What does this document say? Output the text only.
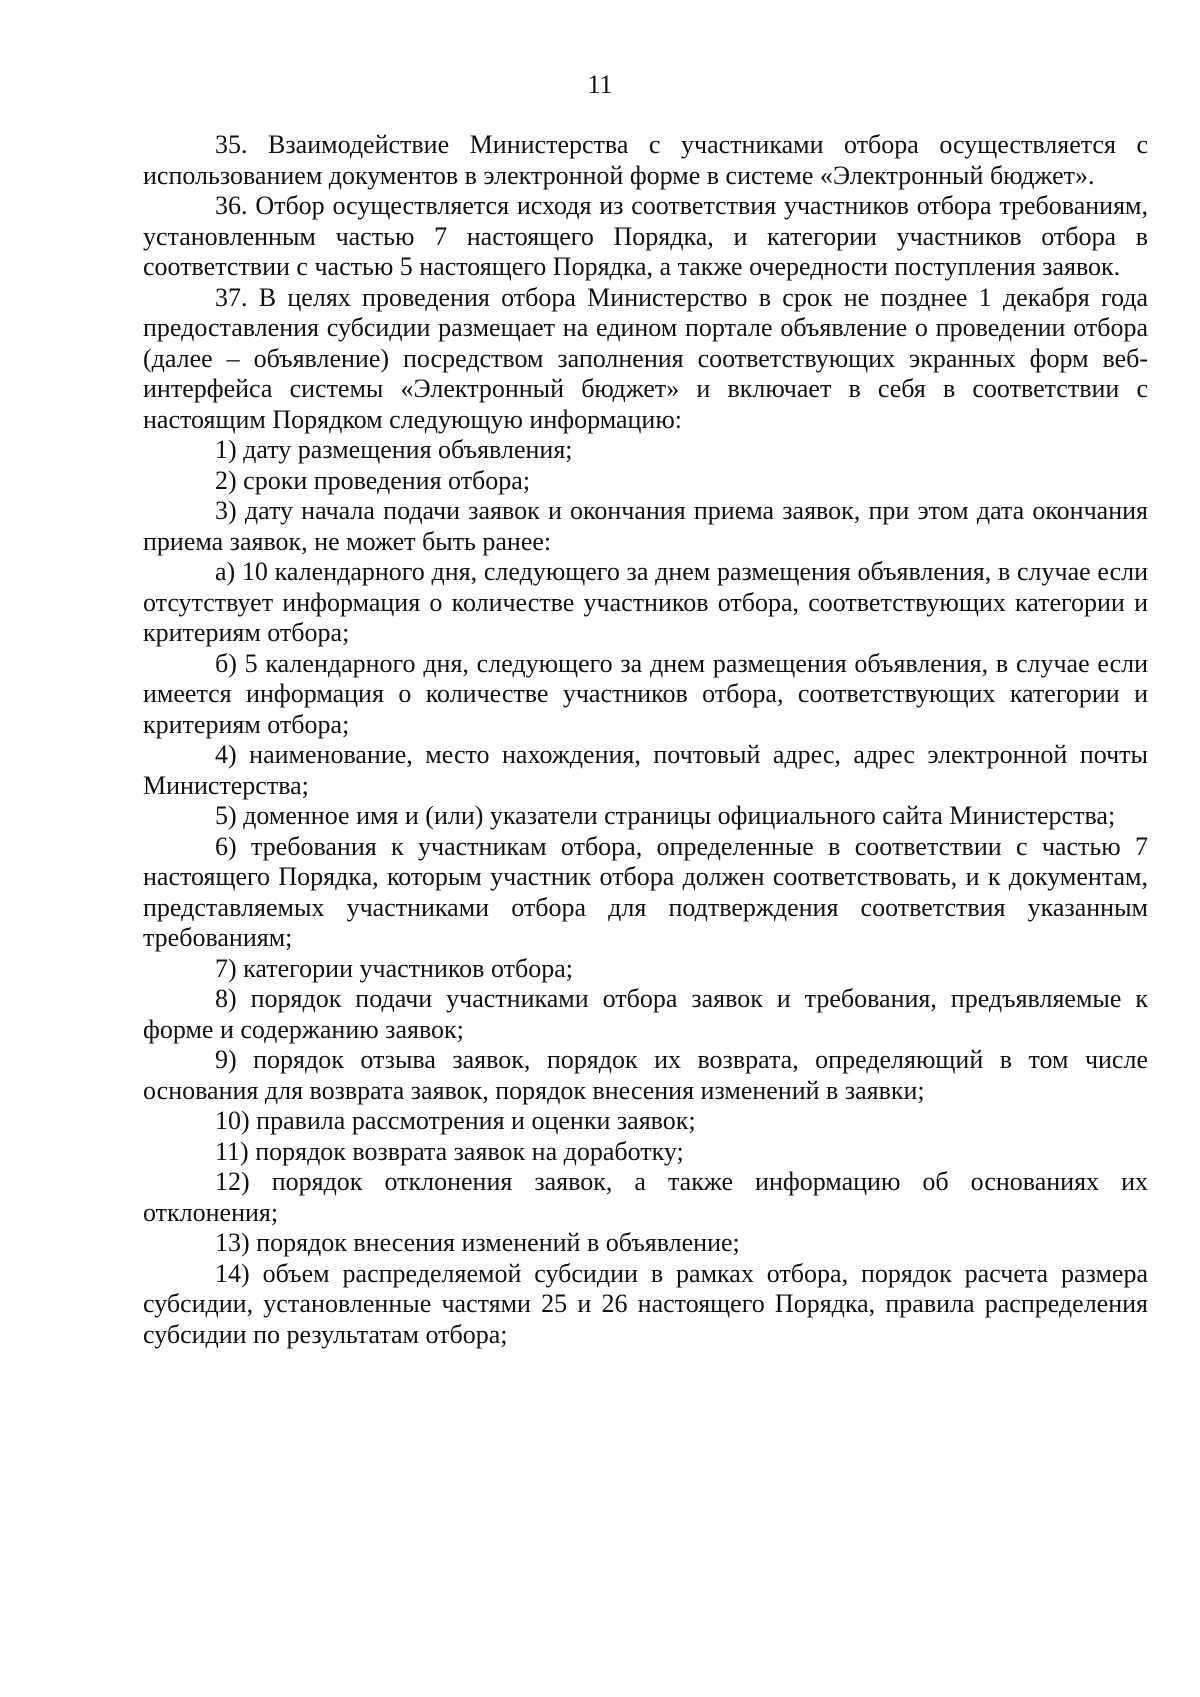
11

35. Взаимодействие Министерства с участниками отбора осуществляется с использованием документов в электронной форме в системе «Электронный бюджет».

36. Отбор осуществляется исходя из соответствия участников отбора требованиям, установленным частью 7 настоящего Порядка, и категории участников отбора в соответствии с частью 5 настоящего Порядка, а также очередности поступления заявок.

37. В целях проведения отбора Министерство в срок не позднее 1 декабря года предоставления субсидии размещает на едином портале объявление о проведении отбора (далее – объявление) посредством заполнения соответствующих экранных форм веб-интерфейса системы «Электронный бюджет» и включает в себя в соответствии с настоящим Порядком следующую информацию:

1) дату размещения объявления;

2) сроки проведения отбора;

3) дату начала подачи заявок и окончания приема заявок, при этом дата окончания приема заявок, не может быть ранее:

а) 10 календарного дня, следующего за днем размещения объявления, в случае если отсутствует информация о количестве участников отбора, соответствующих категории и критериям отбора;

б) 5 календарного дня, следующего за днем размещения объявления, в случае если имеется информация о количестве участников отбора, соответствующих категории и критериям отбора;

4) наименование, место нахождения, почтовый адрес, адрес электронной почты Министерства;

5) доменное имя и (или) указатели страницы официального сайта Министерства;

6) требования к участникам отбора, определенные в соответствии с частью 7 настоящего Порядка, которым участник отбора должен соответствовать, и к документам, представляемых участниками отбора для подтверждения соответствия указанным требованиям;

7) категории участников отбора;

8) порядок подачи участниками отбора заявок и требования, предъявляемые к форме и содержанию заявок;

9) порядок отзыва заявок, порядок их возврата, определяющий в том числе основания для возврата заявок, порядок внесения изменений в заявки;

10) правила рассмотрения и оценки заявок;

11) порядок возврата заявок на доработку;

12) порядок отклонения заявок, а также информацию об основаниях их отклонения;

13) порядок внесения изменений в объявление;

14) объем распределяемой субсидии в рамках отбора, порядок расчета размера субсидии, установленные частями 25 и 26 настоящего Порядка, правила распределения субсидии по результатам отбора;
